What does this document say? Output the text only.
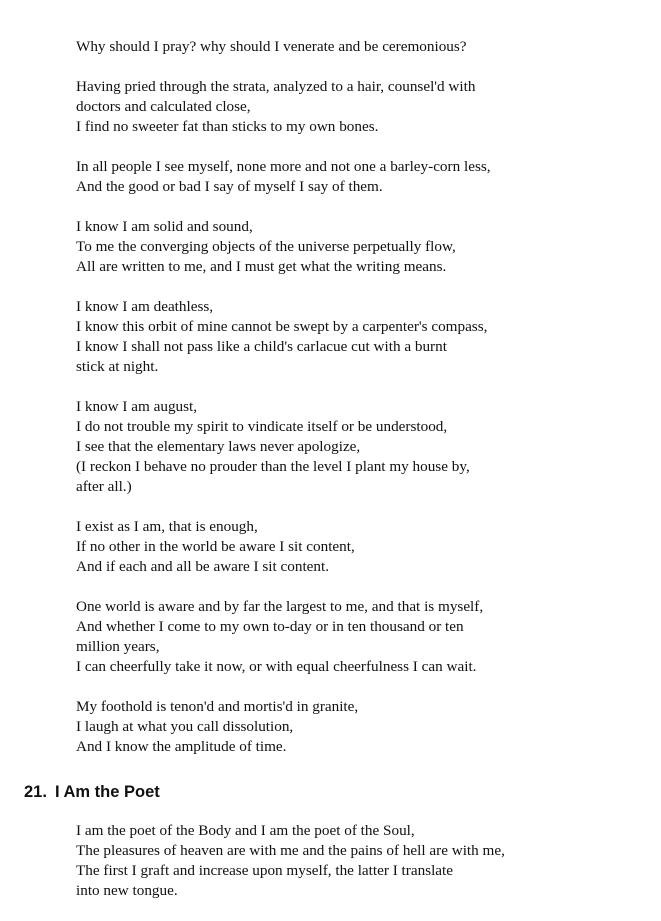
Why should I pray? why should I venerate and be ceremonious?

Having pried through the strata, analyzed to a hair, counsel'd with
doctors and calculated close,
I find no sweeter fat than sticks to my own bones.

In all people I see myself, none more and not one a barley-corn less,
And the good or bad I say of myself I say of them.

I know I am solid and sound,
To me the converging objects of the universe perpetually flow,
All are written to me, and I must get what the writing means.

I know I am deathless,
I know this orbit of mine cannot be swept by a carpenter's compass,
I know I shall not pass like a child's carlacue cut with a burnt
stick at night.

I know I am august,
I do not trouble my spirit to vindicate itself or be understood,
I see that the elementary laws never apologize,
(I reckon I behave no prouder than the level I plant my house by,
after all.)

I exist as I am, that is enough,
If no other in the world be aware I sit content,
And if each and all be aware I sit content.

One world is aware and by far the largest to me, and that is myself,
And whether I come to my own to-day or in ten thousand or ten
million years,
I can cheerfully take it now, or with equal cheerfulness I can wait.

My foothold is tenon'd and mortis'd in granite,
I laugh at what you call dissolution,
And I know the amplitude of time.

21. I Am the Poet

I am the poet of the Body and I am the poet of the Soul,
The pleasures of heaven are with me and the pains of hell are with me,
The first I graft and increase upon myself, the latter I translate
into new tongue.
